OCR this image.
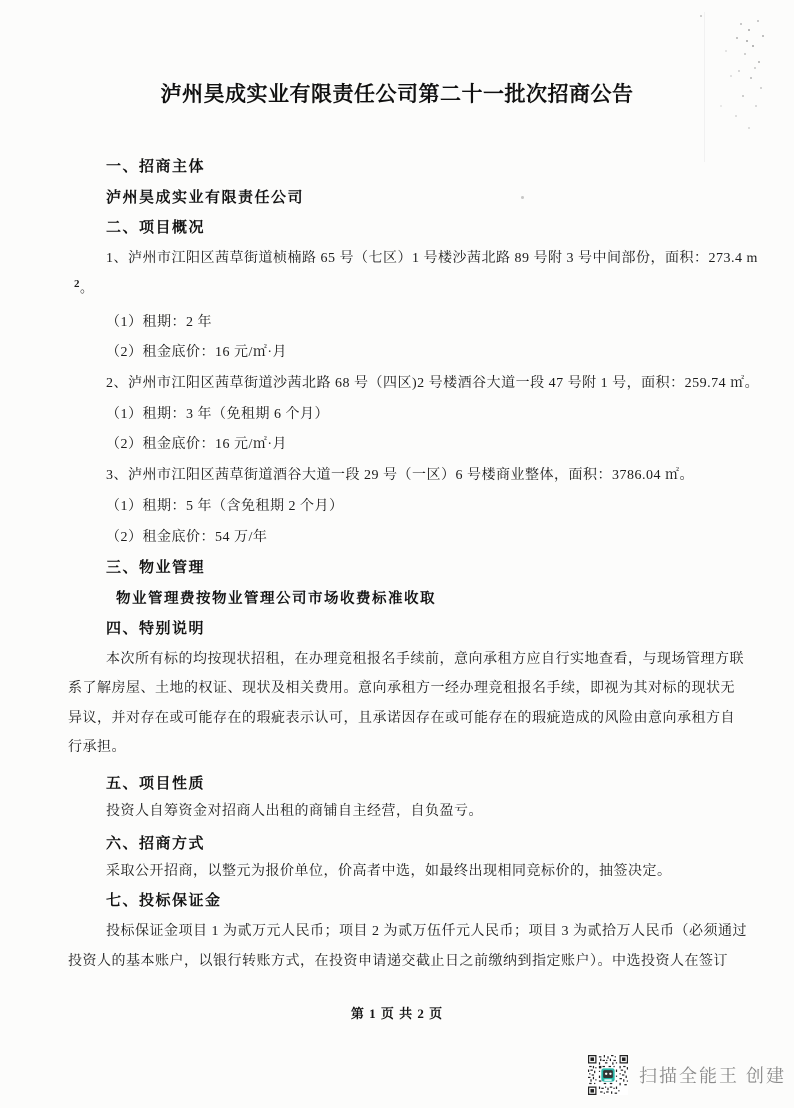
泸州昊成实业有限责任公司第二十一批次招商公告
一、招商主体
泸州昊成实业有限责任公司
二、项目概况
1、泸州市江阳区茜草街道桢楠路 65 号（七区）1 号楼沙茜北路 89 号附 3 号中间部份，面积：273.4 m
$^2$。
（1）租期：2 年
（2）租金底价：16 元/㎡·月
2、泸州市江阳区茜草街道沙茜北路 68 号（四区)2 号楼酒谷大道一段 47 号附 1 号，面积：259.74 ㎡。
（1）租期：3 年（免租期 6 个月）
（2）租金底价：16 元/㎡·月
3、泸州市江阳区茜草街道酒谷大道一段 29 号（一区）6 号楼商业整体，面积：3786.04 ㎡。
（1）租期：5 年（含免租期 2 个月）
（2）租金底价：54 万/年
三、物业管理
物业管理费按物业管理公司市场收费标准收取
四、特别说明
本次所有标的均按现状招租，在办理竞租报名手续前，意向承租方应自行实地查看，与现场管理方联
系了解房屋、土地的权证、现状及相关费用。意向承租方一经办理竞租报名手续，即视为其对标的现状无
异议，并对存在或可能存在的瑕疵表示认可，且承诺因存在或可能存在的瑕疵造成的风险由意向承租方自
行承担。
五、项目性质
投资人自筹资金对招商人出租的商铺自主经营，自负盈亏。
六、招商方式
采取公开招商，以整元为报价单位，价高者中选，如最终出现相同竞标价的，抽签决定。
七、投标保证金
投标保证金项目 1 为贰万元人民币；项目 2 为贰万伍仟元人民币；项目 3 为贰拾万人民币（必须通过
投资人的基本账户，以银行转账方式，在投资申请递交截止日之前缴纳到指定账户）。中选投资人在签订
第 1 页 共 2 页
扫描全能王 创建
